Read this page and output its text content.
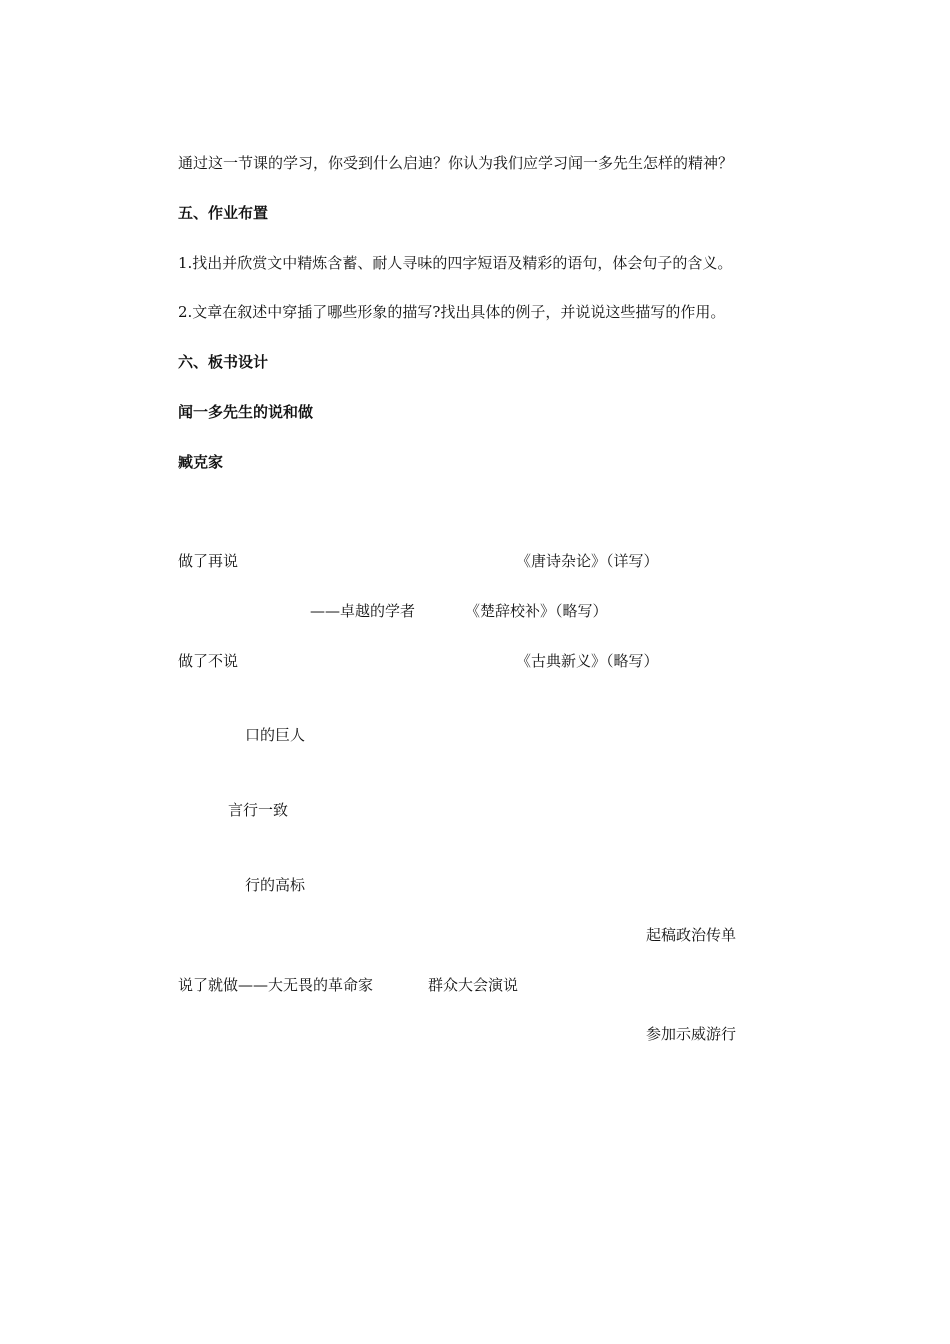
通过这一节课的学习，你受到什么启迪？你认为我们应学习闻一多先生怎样的精神？
五、作业布置
1.找出并欣赏文中精炼含蓄、耐人寻味的四字短语及精彩的语句，体会句子的含义。
2.文章在叙述中穿插了哪些形象的描写?找出具体的例子，并说说这些描写的作用。
六、板书设计
闻一多先生的说和做
臧克家
做了再说	《唐诗杂论》（详写）
——卓越的学者	《楚辞校补》（略写）
做了不说	《古典新义》（略写）
口的巨人
言行一致
行的高标
起稿政治传单
说了就做——大无畏的革命家	群众大会演说
参加示威游行
